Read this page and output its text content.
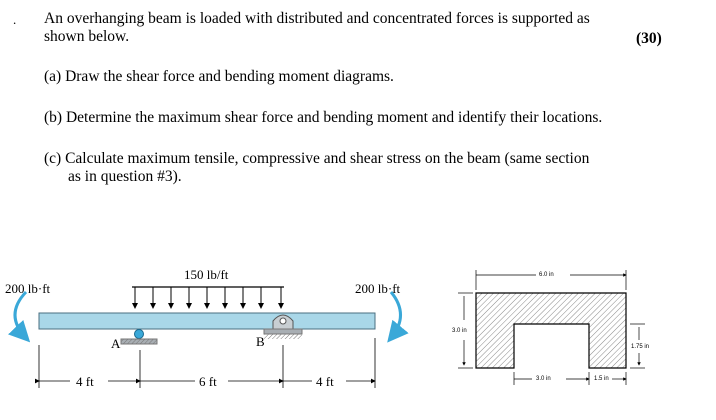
. An overhanging beam is loaded with distributed and concentrated forces is supported as
shown below.	(30)
(a) Draw the shear force and bending moment diagrams.
(b) Determine the maximum shear force and bending moment and identify their locations.
(c) Calculate maximum tensile, compressive and shear stress on the beam (same section
as in question #3).
150 lb/ft
200 lb·ft	200 lb·ft
A	B
4 ft	6 ft	4 ft
6.0 in
3.0 in
1.75 in
3.0 in	1.5 in
